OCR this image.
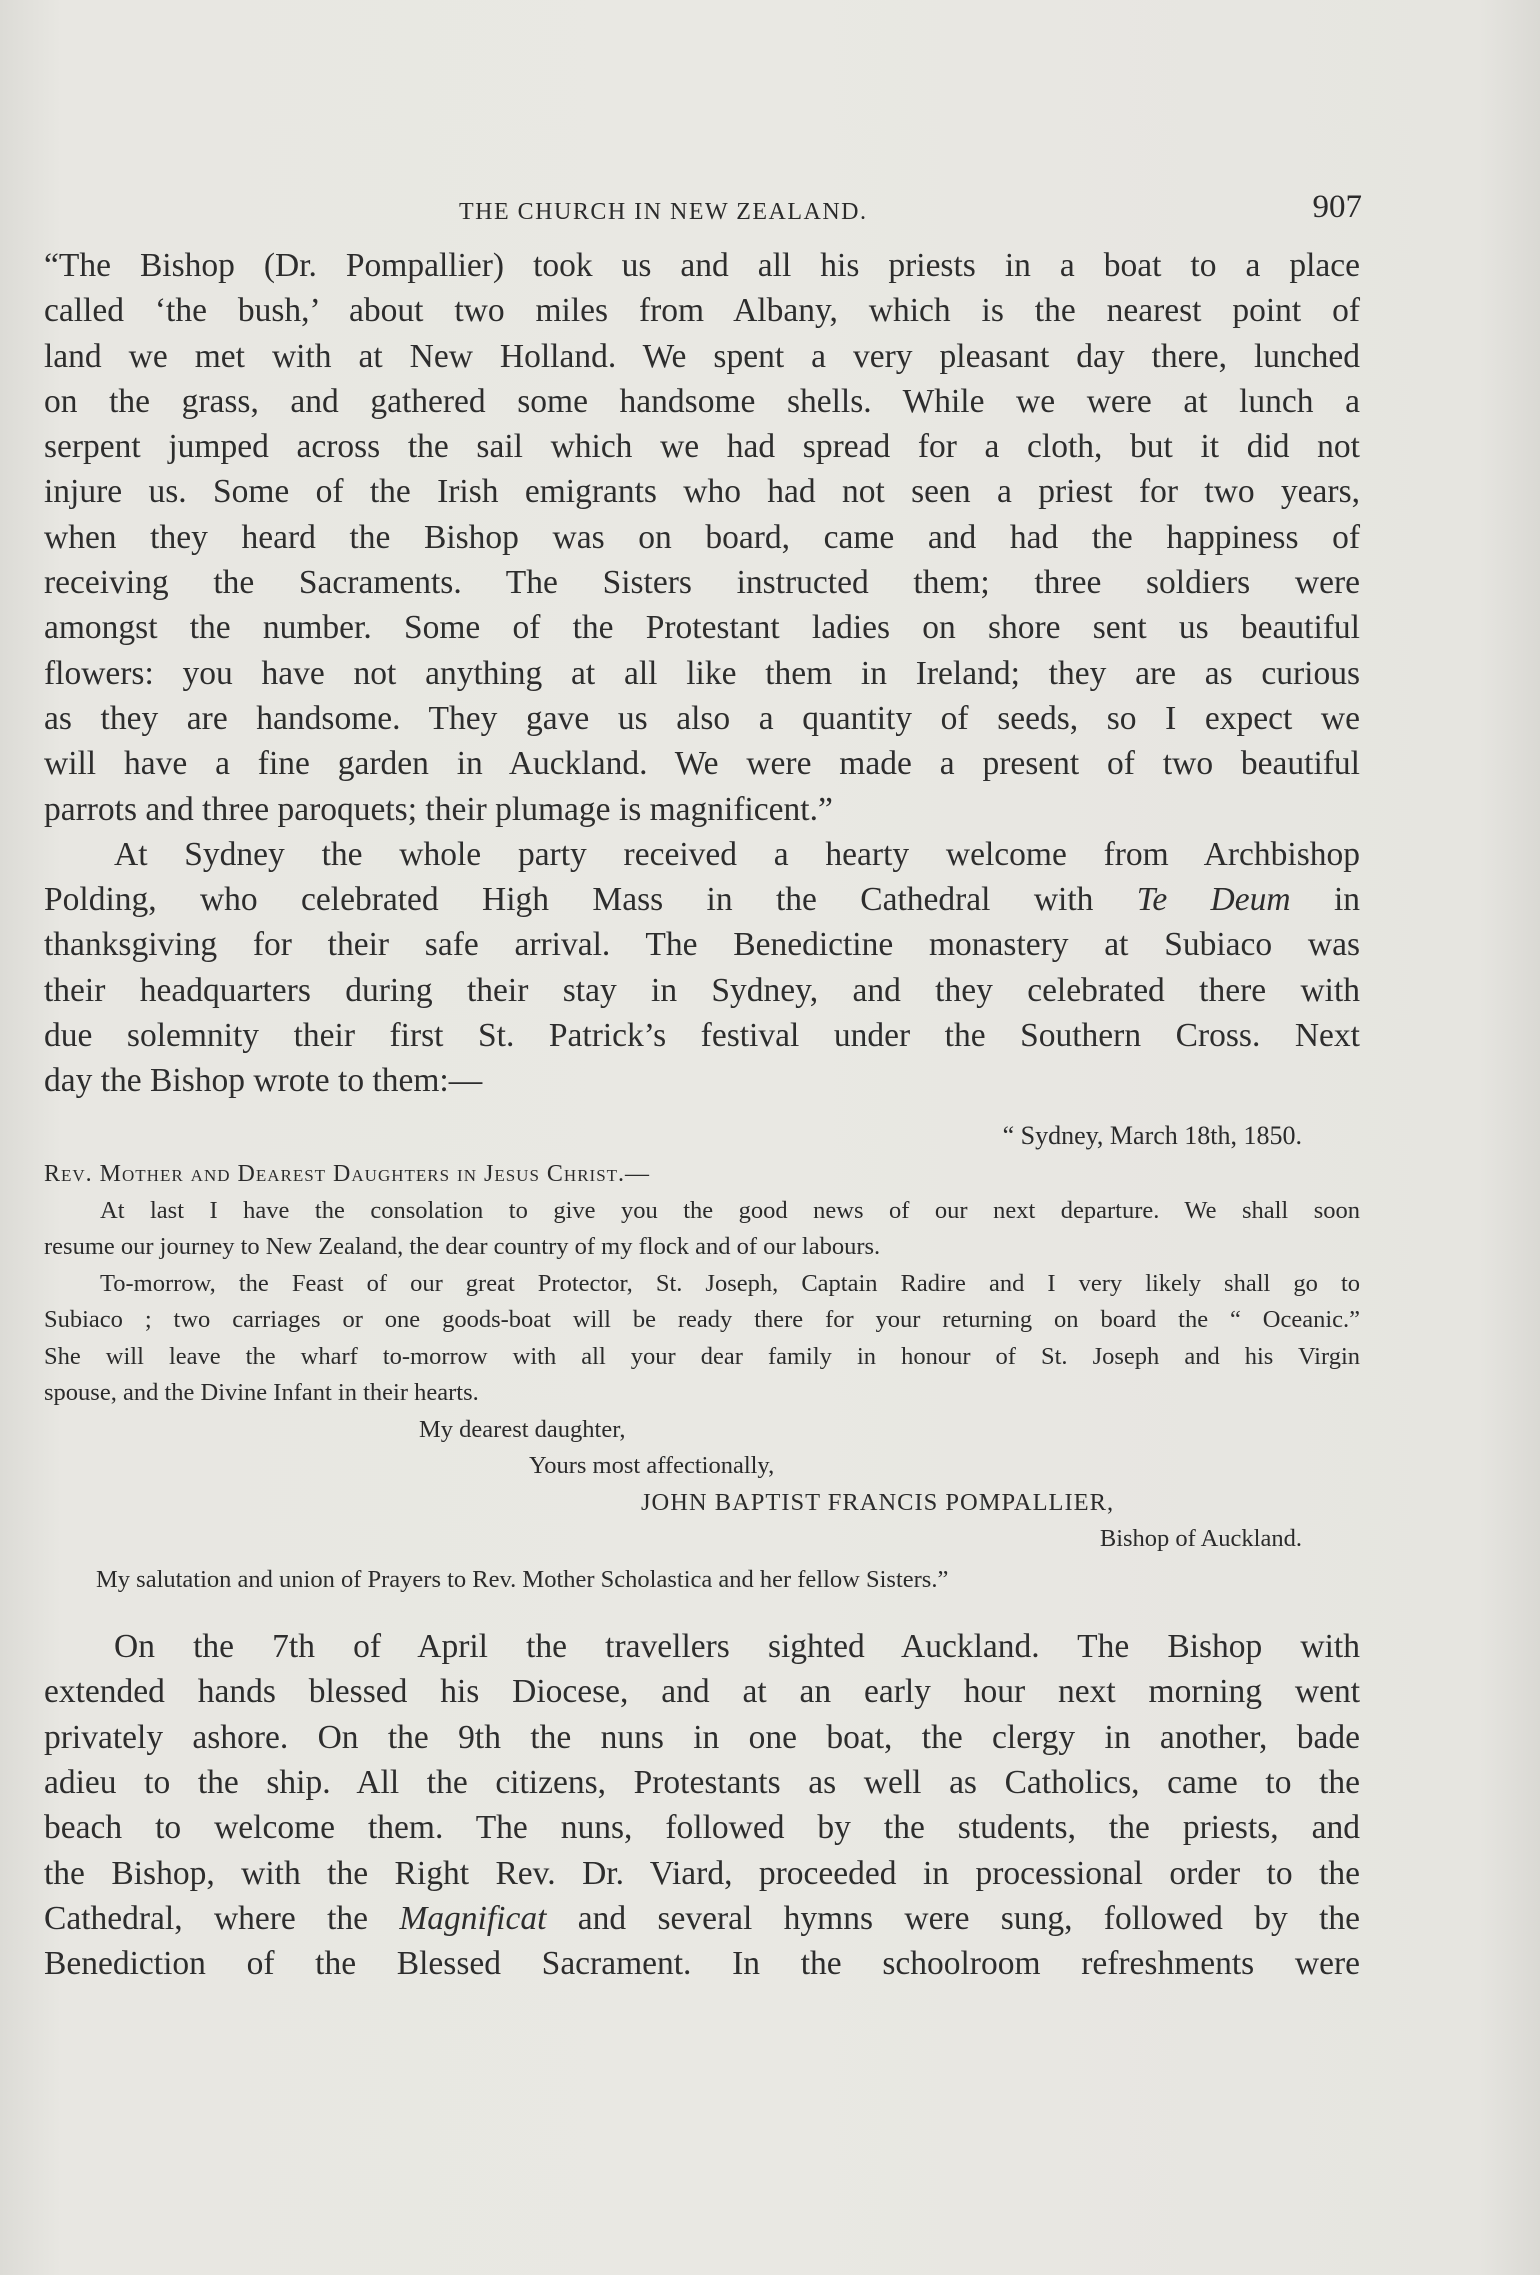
THE CHURCH IN NEW ZEALAND.	907
“The Bishop (Dr. Pompallier) took us and all his priests in a boat to a place
called ‘the bush,’ about two miles from Albany, which is the nearest point of
land we met with at New Holland. We spent a very pleasant day there, lunched
on the grass, and gathered some handsome shells. While we were at lunch a
serpent jumped across the sail which we had spread for a cloth, but it did not
injure us. Some of the Irish emigrants who had not seen a priest for two years,
when they heard the Bishop was on board, came and had the happiness of
receiving the Sacraments. The Sisters instructed them; three soldiers were
amongst the number. Some of the Protestant ladies on shore sent us beautiful
flowers: you have not anything at all like them in Ireland; they are as curious
as they are handsome. They gave us also a quantity of seeds, so I expect we
will have a fine garden in Auckland. We were made a present of two beautiful
parrots and three paroquets; their plumage is magnificent.”
At Sydney the whole party received a hearty welcome from Archbishop
Polding, who celebrated High Mass in the Cathedral with Te Deum in
thanksgiving for their safe arrival. The Benedictine monastery at Subiaco was
their headquarters during their stay in Sydney, and they celebrated there with
due solemnity their first St. Patrick’s festival under the Southern Cross. Next
day the Bishop wrote to them:—
“ Sydney, March 18th, 1850.
Rev. Mother and Dearest Daughters in Jesus Christ.—
At last I have the consolation to give you the good news of our next departure. We shall soon
resume our journey to New Zealand, the dear country of my flock and of our labours.
To-morrow, the Feast of our great Protector, St. Joseph, Captain Radire and I very likely shall go to
Subiaco ; two carriages or one goods-boat will be ready there for your returning on board the “ Oceanic.”
She will leave the wharf to-morrow with all your dear family in honour of St. Joseph and his Virgin
spouse, and the Divine Infant in their hearts.
My dearest daughter,
Yours most affectionally,
JOHN BAPTIST FRANCIS POMPALLIER,
Bishop of Auckland.
My salutation and union of Prayers to Rev. Mother Scholastica and her fellow Sisters.”
On the 7th of April the travellers sighted Auckland. The Bishop with
extended hands blessed his Diocese, and at an early hour next morning went
privately ashore. On the 9th the nuns in one boat, the clergy in another, bade
adieu to the ship. All the citizens, Protestants as well as Catholics, came to the
beach to welcome them. The nuns, followed by the students, the priests, and
the Bishop, with the Right Rev. Dr. Viard, proceeded in processional order to the
Cathedral, where the Magnificat and several hymns were sung, followed by the
Benediction of the Blessed Sacrament. In the schoolroom refreshments were
